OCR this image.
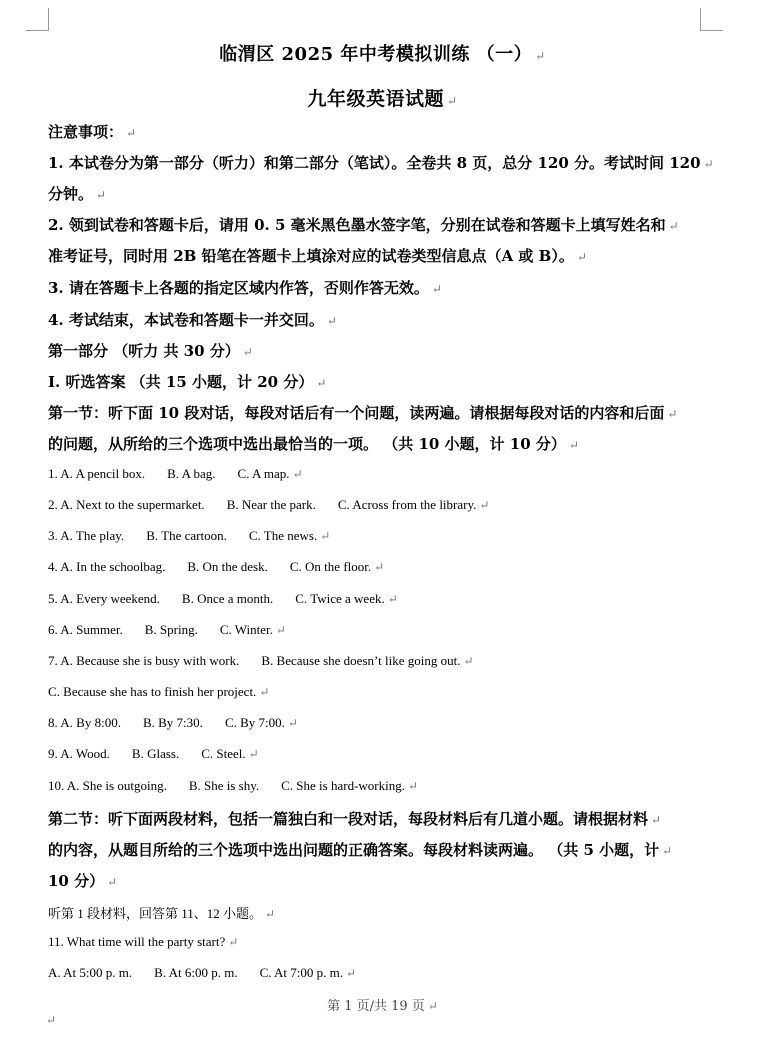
临渭区 2025 年中考模拟训练 （一） ↵
九年级英语试题 ↵
注意事项： ↵
1. 本试卷分为第一部分（听力）和第二部分（笔试）。全卷共 8 页，总分 120 分。考试时间 120 ↵
分钟。 ↵
2. 领到试卷和答题卡后，请用 0. 5 毫米黑色墨水签字笔，分别在试卷和答题卡上填写姓名和 ↵
准考证号，同时用 2B 铅笔在答题卡上填涂对应的试卷类型信息点（A 或 B）。 ↵
3. 请在答题卡上各题的指定区域内作答，否则作答无效。 ↵
4. 考试结束，本试卷和答题卡一并交回。 ↵
第一部分 （听力 共 30 分） ↵
I. 听选答案 （共 15 小题，计 20 分） ↵
第一节：听下面 10 段对话，每段对话后有一个问题，读两遍。请根据每段对话的内容和后面 ↵
的问题，从所给的三个选项中选出最恰当的一项。 （共 10 小题，计 10 分） ↵
1. A. A pencil box. B. A bag. C. A map. ↵
2. A. Next to the supermarket. B. Near the park. C. Across from the library. ↵
3. A. The play. B. The cartoon. C. The news. ↵
4. A. In the schoolbag. B. On the desk. C. On the floor. ↵
5. A. Every weekend. B. Once a month. C. Twice a week. ↵
6. A. Summer. B. Spring. C. Winter. ↵
7. A. Because she is busy with work. B. Because she doesn’t like going out. ↵
C. Because she has to finish her project. ↵
8. A. By 8:00. B. By 7:30. C. By 7:00. ↵
9. A. Wood. B. Glass. C. Steel. ↵
10. A. She is outgoing. B. She is shy. C. She is hard-working. ↵
第二节：听下面两段材料，包括一篇独白和一段对话，每段材料后有几道小题。请根据材料 ↵
的内容，从题目所给的三个选项中选出问题的正确答案。每段材料读两遍。 （共 5 小题，计 ↵
10 分） ↵
听第 1 段材料，回答第 11、12 小题。 ↵
11. What time will the party start? ↵
A. At 5:00 p. m. B. At 6:00 p. m. C. At 7:00 p. m. ↵
第 1 页/共 19 页 ↵
↵
